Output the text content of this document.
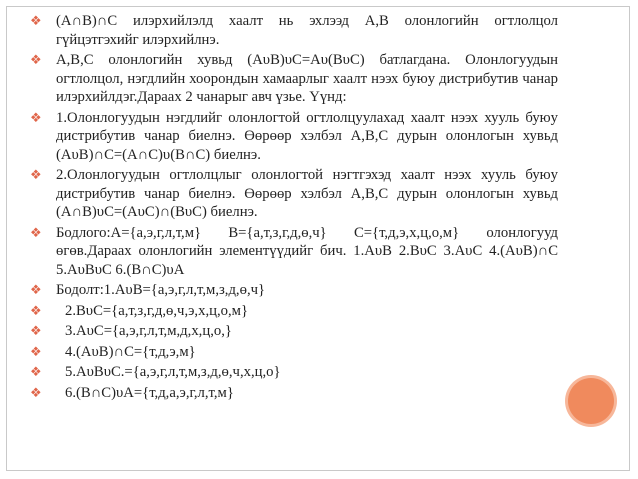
❖ (A∩B)∩C илэрхийлэлд хаалт нь эхлээд A,B олонлогийн огтлолцол гүйцэтгэхийг илэрхийлнэ.
❖ A,B,C олонлогийн хувьд (AυB)υC=Aυ(BυC) батлагдана. Олонлогуудын огтлолцол, нэгдлийн хоорондын хамаарлыг хаалт нээх буюу дистрибутив чанар илэрхийлдэг.Дараах 2 чанарыг авч үзье. Үүнд:
❖ 1.Олонлогуудын нэгдлийг олонлогтой огтлолцуулахад хаалт нээх хууль буюу дистрибутив чанар биелнэ. Өөрөөр хэлбэл A,B,C дурын олонлогын хувьд (AυB)∩C=(A∩C)υ(B∩C) биелнэ.
❖ 2.Олонлогуудын огтлолцлыг олонлогтой нэгтгэхэд хаалт нээх хууль буюу дистрибутив чанар биелнэ. Өөрөөр хэлбэл A,B,C дурын олонлогын хувьд (A∩B)υC=(AυC)∩(BυC) биелнэ.
❖ Бодлого:A={а,э,г,л,т,м} B={а,т,з,г,д,ө,ч} C={т,д,э,х,ц,о,м} олонлогууд өгөв.Дараах олонлогийн элементүүдийг бич. 1.AυB 2.BυC 3.AυC 4.(AυB)∩C 5.AυBυC 6.(B∩C)υA
❖ Бодолт:1.AυB={а,э,г,л,т,м,з,д,ө,ч}
❖	2.BυC={а,т,з,г,д,ө,ч,э,х,ц,о,м}
❖	3.AυC={а,э,г,л,т,м,д,х,ц,о,}
❖	4.(AυB)∩C={т,д,э,м}
❖	5.AυBυC.={а,э,г,л,т,м,з,д,ө,ч,х,ц,о}
❖	6.(B∩C)υA={т,д,а,э,г,л,т,м}
